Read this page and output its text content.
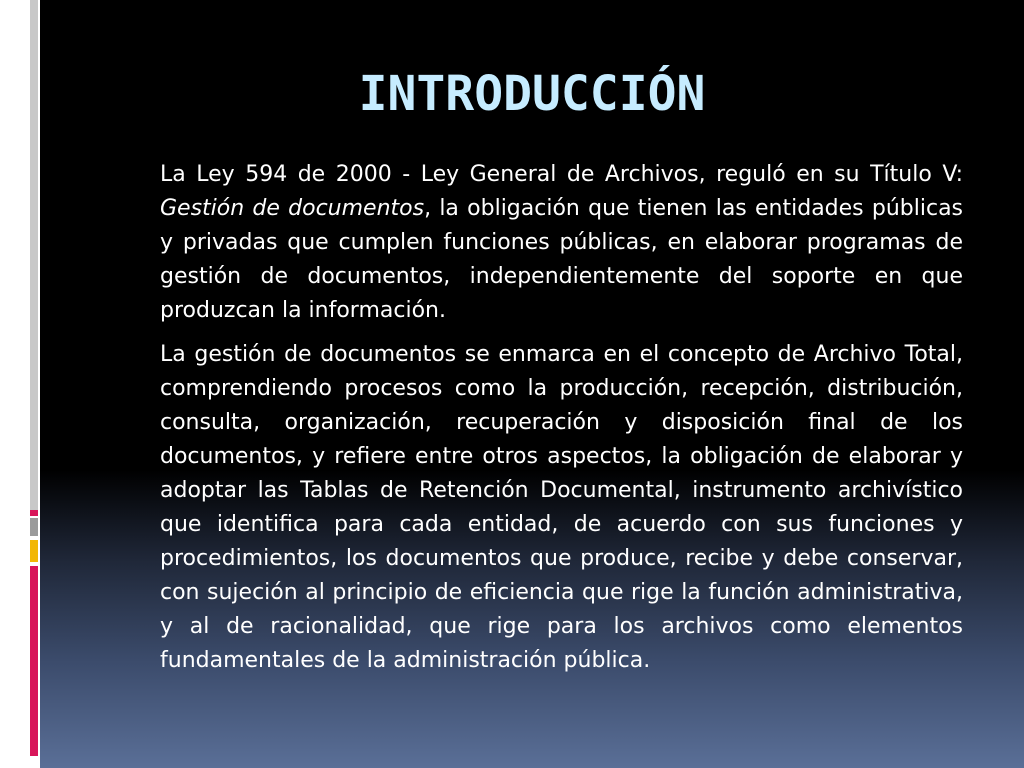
INTRODUCCIÓN

La Ley 594 de 2000 - Ley General de Archivos, reguló en su Título V: Gestión de documentos, la obligación que tienen las entidades públicas y privadas que cumplen funciones públicas, en elaborar programas de gestión de documentos, independientemente del soporte en que produzcan la información.

La gestión de documentos se enmarca en el concepto de Archivo Total, comprendiendo procesos como la producción, recepción, distribución, consulta, organización, recuperación y disposición final de los documentos, y refiere entre otros aspectos, la obligación de elaborar y adoptar las Tablas de Retención Documental, instrumento archivístico que identifica para cada entidad, de acuerdo con sus funciones y procedimientos, los documentos que produce, recibe y debe conservar, con sujeción al principio de eficiencia que rige la función administrativa, y al de racionalidad, que rige para los archivos como elementos fundamentales de la administración pública.
